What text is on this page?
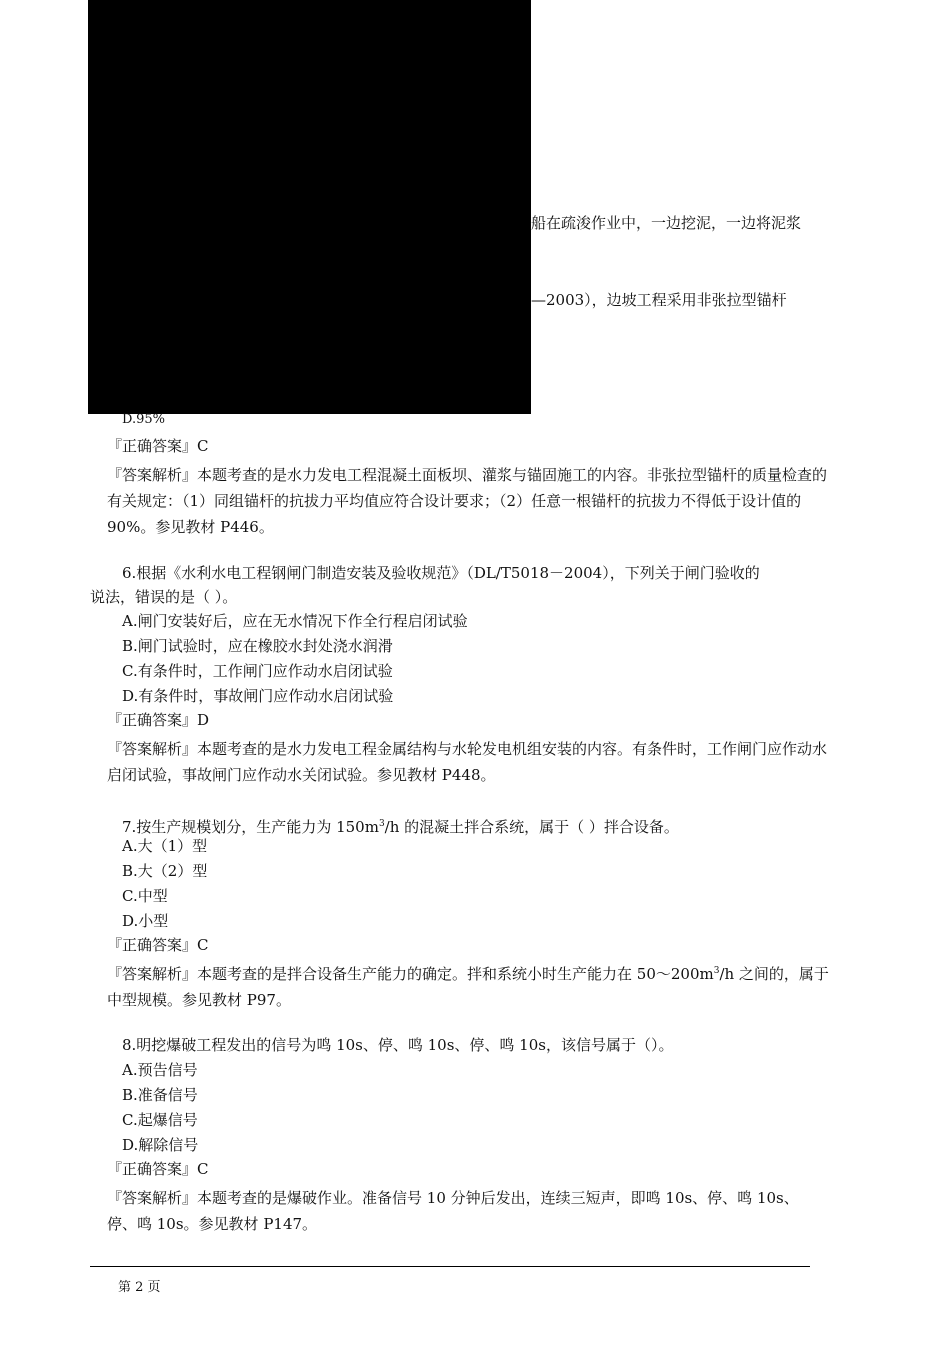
船在疏浚作业中，一边挖泥，一边将泥浆
—2003），边坡工程采用非张拉型锚杆
D.95%
『正确答案』C
『答案解析』本题考查的是水力发电工程混凝土面板坝、灌浆与锚固施工的内容。非张拉型锚杆的质量检查的有关规定：（1）同组锚杆的抗拔力平均值应符合设计要求；（2）任意一根锚杆的抗拔力不得低于设计值的 90%。参见教材 P446。
6.根据《水利水电工程钢闸门制造安装及验收规范》（DL/T5018－2004），下列关于闸门验收的
说法，错误的是（ ）。
A.闸门安装好后，应在无水情况下作全行程启闭试验
B.闸门试验时，应在橡胶水封处浇水润滑
C.有条件时，工作闸门应作动水启闭试验
D.有条件时，事故闸门应作动水启闭试验
『正确答案』D
『答案解析』本题考查的是水力发电工程金属结构与水轮发电机组安装的内容。有条件时，工作闸门应作动水启闭试验，事故闸门应作动水关闭试验。参见教材 P448。
7.按生产规模划分，生产能力为 $150m^3/h$ 的混凝土拌合系统，属于（ ）拌合设备。
A.大（1）型
B.大（2）型
C.中型
D.小型
『正确答案』C
『答案解析』本题考查的是拌合设备生产能力的确定。拌和系统小时生产能力在 $50\sim 200m^3/h$ 之间的，属于中型规模。参见教材 P97。
8.明挖爆破工程发出的信号为鸣 10s、停、鸣 10s、停、鸣 10s，该信号属于（）。
A.预告信号
B.准备信号
C.起爆信号
D.解除信号
『正确答案』C
『答案解析』本题考查的是爆破作业。准备信号 10 分钟后发出，连续三短声，即鸣 10s、停、鸣 10s、停、鸣 10s。参见教材 P147。
第 2 页
